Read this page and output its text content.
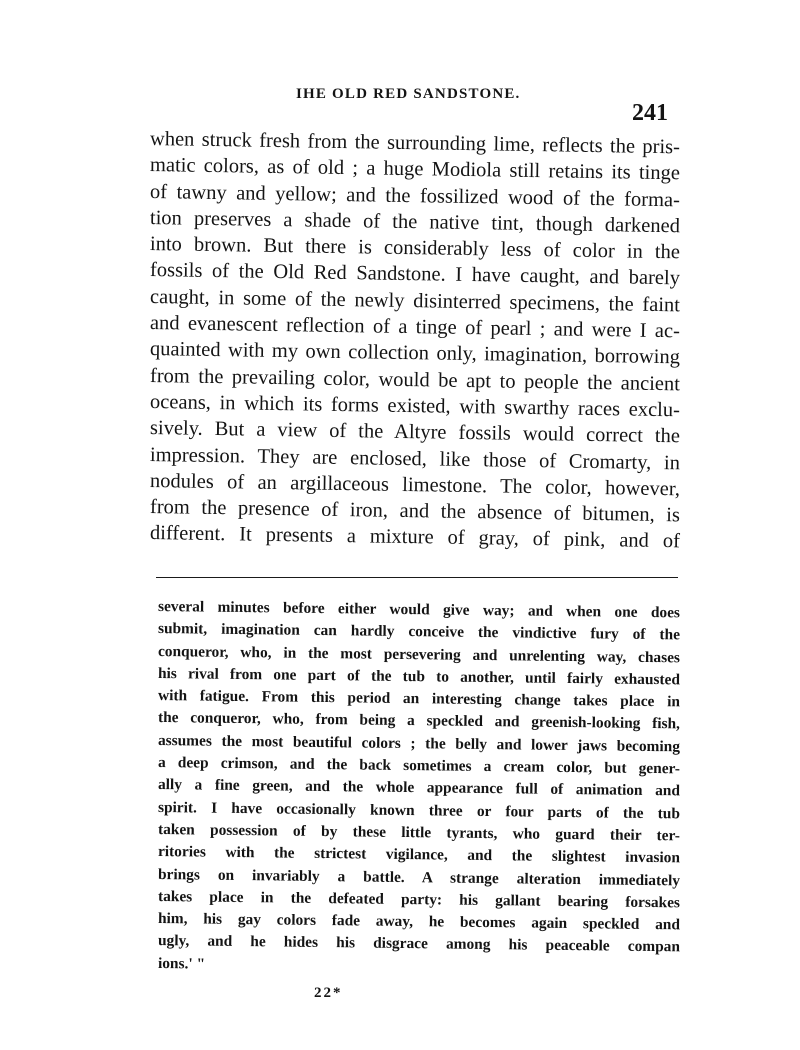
IHE OLD RED SANDSTONE.
241
when struck fresh from the surrounding lime, reflects the pris-
matic colors, as of old ; a huge Modiola still retains its tinge
of tawny and yellow; and the fossilized wood of the forma-
tion preserves a shade of the native tint, though darkened
into brown. But there is considerably less of color in the
fossils of the Old Red Sandstone. I have caught, and barely
caught, in some of the newly disinterred specimens, the faint
and evanescent reflection of a tinge of pearl ; and were I ac-
quainted with my own collection only, imagination, borrowing
from the prevailing color, would be apt to people the ancient
oceans, in which its forms existed, with swarthy races exclu-
sively. But a view of the Altyre fossils would correct the
impression. They are enclosed, like those of Cromarty, in
nodules of an argillaceous limestone. The color, however,
from the presence of iron, and the absence of bitumen, is
different. It presents a mixture of gray, of pink, and of
several minutes before either would give way; and when one does
submit, imagination can hardly conceive the vindictive fury of the
conqueror, who, in the most persevering and unrelenting way, chases
his rival from one part of the tub to another, until fairly exhausted
with fatigue. From this period an interesting change takes place in
the conqueror, who, from being a speckled and greenish-looking fish,
assumes the most beautiful colors ; the belly and lower jaws becoming
a deep crimson, and the back sometimes a cream color, but gener-
ally a fine green, and the whole appearance full of animation and
spirit. I have occasionally known three or four parts of the tub
taken possession of by these little tyrants, who guard their ter-
ritories with the strictest vigilance, and the slightest invasion
brings on invariably a battle. A strange alteration immediately
takes place in the defeated party: his gallant bearing forsakes
him, his gay colors fade away, he becomes again speckled and
ugly, and he hides his disgrace among his peaceable compan
ions.' "
22*
